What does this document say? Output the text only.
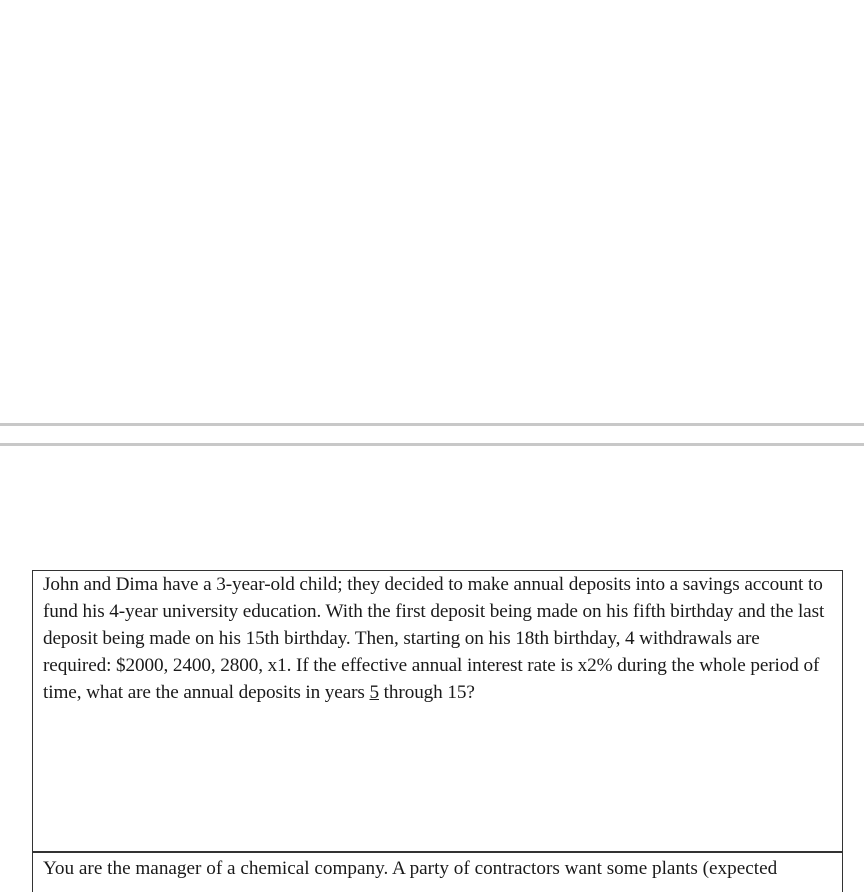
John and Dima have a 3-year-old child; they decided to make annual deposits into a savings account to fund his 4-year university education. With the first deposit being made on his fifth birthday and the last deposit being made on his 15th birthday. Then, starting on his 18th birthday, 4 withdrawals are required: $2000, 2400, 2800, x1. If the effective annual interest rate is x2% during the whole period of time, what are the annual deposits in years 5 through 15?

You are the manager of a chemical company. A party of contractors want some plants (expected
